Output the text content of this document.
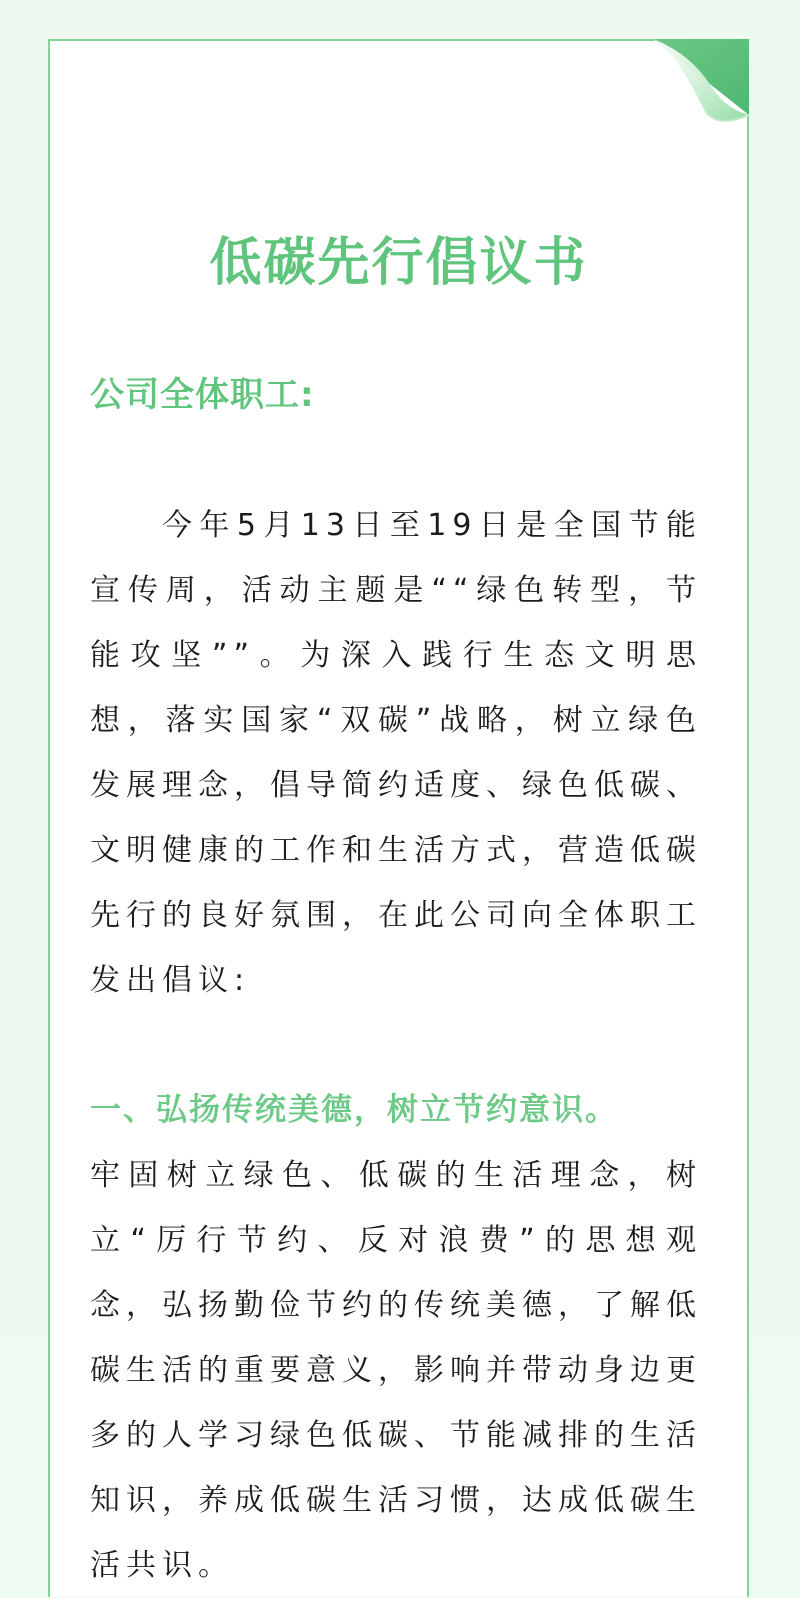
低碳先行倡议书
公司全体职工:
今年5月13日至19日是全国节能宣传周，活动主题是““绿色转型，节能攻坚””。为深入践行生态文明思想，落实国家“双碳”战略，树立绿色发展理念，倡导简约适度、绿色低碳、文明健康的工作和生活方式，营造低碳先行的良好氛围，在此公司向全体职工发出倡议:
一、弘扬传统美德，树立节约意识。
牢固树立绿色、低碳的生活理念，树立“厉行节约、反对浪费”的思想观念，弘扬勤俭节约的传统美德，了解低碳生活的重要意义，影响并带动身边更多的人学习绿色低碳、节能减排的生活知识，养成低碳生活习惯，达成低碳生活共识。
